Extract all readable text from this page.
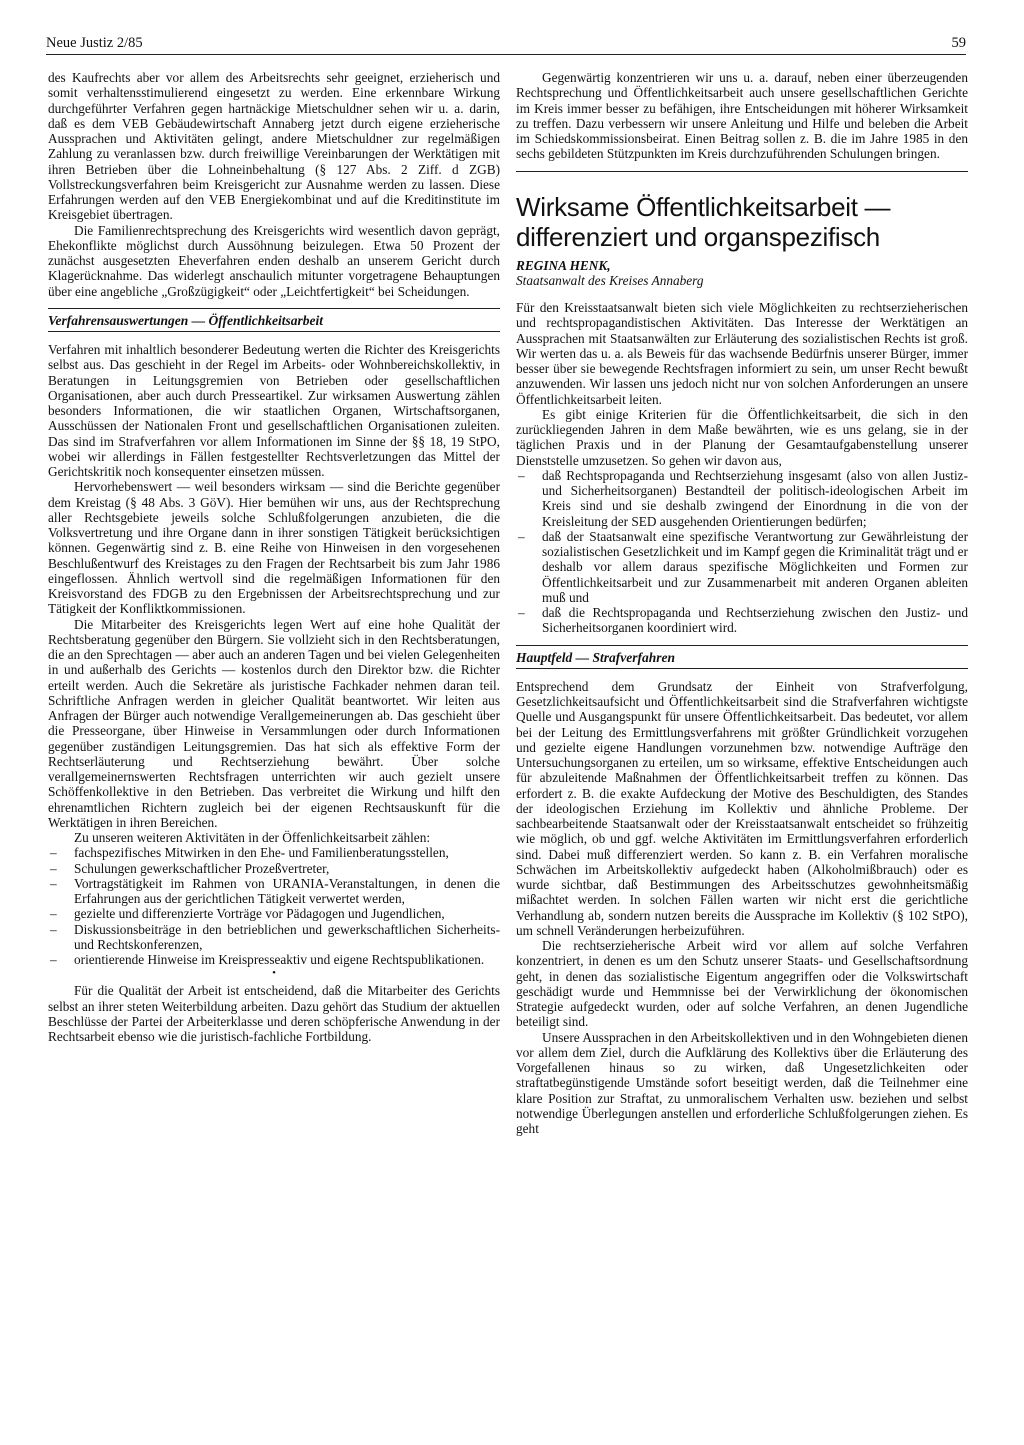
Neue Justiz 2/85	59

des Kaufrechts aber vor allem des Arbeitsrechts sehr geeignet, erzieherisch und somit verhaltensstimulierend eingesetzt zu werden. Eine erkennbare Wirkung durchgeführter Verfahren gegen hartnäckige Mietschuldner sehen wir u. a. darin, daß es dem VEB Gebäudewirtschaft Annaberg jetzt durch eigene erzieherische Aussprachen und Aktivitäten gelingt, andere Mietschuldner zur regelmäßigen Zahlung zu veranlassen bzw. durch freiwillige Vereinbarungen der Werktätigen mit ihren Betrieben über die Lohneinbehaltung (§ 127 Abs. 2 Ziff. d ZGB) Vollstreckungsverfahren beim Kreisgericht zur Ausnahme werden zu lassen. Diese Erfahrungen werden auf den VEB Energiekombinat und auf die Kreditinstitute im Kreisgebiet übertragen.

Die Familienrechtsprechung des Kreisgerichts wird wesentlich davon geprägt, Ehekonflikte möglichst durch Aussöhnung beizulegen. Etwa 50 Prozent der zunächst ausgesetzten Eheverfahren enden deshalb an unserem Gericht durch Klagerücknahme. Das widerlegt anschaulich mitunter vorgetragene Behauptungen über eine angebliche „Großzügigkeit“ oder „Leichtfertigkeit“ bei Scheidungen.

Verfahrensauswertungen — Öffentlichkeitsarbeit

Verfahren mit inhaltlich besonderer Bedeutung werten die Richter des Kreisgerichts selbst aus. Das geschieht in der Regel im Arbeits- oder Wohnbereichskollektiv, in Beratungen in Leitungsgremien von Betrieben oder gesellschaftlichen Organisationen, aber auch durch Presseartikel. Zur wirksamen Auswertung zählen besonders Informationen, die wir staatlichen Organen, Wirtschaftsorganen, Ausschüssen der Nationalen Front und gesellschaftlichen Organisationen zuleiten. Das sind im Strafverfahren vor allem Informationen im Sinne der §§ 18, 19 StPO, wobei wir allerdings in Fällen festgestellter Rechtsverletzungen das Mittel der Gerichtskritik noch konsequenter einsetzen müssen.

Hervorhebenswert — weil besonders wirksam — sind die Berichte gegenüber dem Kreistag (§ 48 Abs. 3 GöV). Hier bemühen wir uns, aus der Rechtsprechung aller Rechtsgebiete jeweils solche Schlußfolgerungen anzubieten, die die Volksvertretung und ihre Organe dann in ihrer sonstigen Tätigkeit berücksichtigen können. Gegenwärtig sind z. B. eine Reihe von Hinweisen in den vorgesehenen Beschlußentwurf des Kreistages zu den Fragen der Rechtsarbeit bis zum Jahr 1986 eingeflossen. Ähnlich wertvoll sind die regelmäßigen Informationen für den Kreisvorstand des FDGB zu den Ergebnissen der Arbeitsrechtsprechung und zur Tätigkeit der Konfliktkommissionen.

Die Mitarbeiter des Kreisgerichts legen Wert auf eine hohe Qualität der Rechtsberatung gegenüber den Bürgern. Sie vollzieht sich in den Rechtsberatungen, die an den Sprechtagen — aber auch an anderen Tagen und bei vielen Gelegenheiten in und außerhalb des Gerichts — kostenlos durch den Direktor bzw. die Richter erteilt werden. Auch die Sekretäre als juristische Fachkader nehmen daran teil. Schriftliche Anfragen werden in gleicher Qualität beantwortet. Wir leiten aus Anfragen der Bürger auch notwendige Verallgemeinerungen ab. Das geschieht über die Presseorgane, über Hinweise in Versammlungen oder durch Informationen gegenüber zuständigen Leitungsgremien. Das hat sich als effektive Form der Rechtserläuterung und Rechtserziehung bewährt. Über solche verallgemeinernswerten Rechtsfragen unterrichten wir auch gezielt unsere Schöffenkollektive in den Betrieben. Das verbreitet die Wirkung und hilft den ehrenamtlichen Richtern zugleich bei der eigenen Rechtsauskunft für die Werktätigen in ihren Bereichen.

Zu unseren weiteren Aktivitäten in der Öffenlichkeitsarbeit zählen:

– fachspezifisches Mitwirken in den Ehe- und Familienberatungsstellen,
– Schulungen gewerkschaftlicher Prozeßvertreter,
– Vortragstätigkeit im Rahmen von URANIA-Veranstaltungen, in denen die Erfahrungen aus der gerichtlichen Tätigkeit verwertet werden,
– gezielte und differenzierte Vorträge vor Pädagogen und Jugendlichen,
– Diskussionsbeiträge in den betrieblichen und gewerkschaftlichen Sicherheits- und Rechtskonferenzen,
– orientierende Hinweise im Kreispresseaktiv und eigene Rechtspublikationen.
•

Für die Qualität der Arbeit ist entscheidend, daß die Mitarbeiter des Gerichts selbst an ihrer steten Weiterbildung arbeiten. Dazu gehört das Studium der aktuellen Beschlüsse der Partei der Arbeiterklasse und deren schöpferische Anwendung in der Rechtsarbeit ebenso wie die juristisch-fachliche Fortbildung.

Gegenwärtig konzentrieren wir uns u. a. darauf, neben einer überzeugenden Rechtsprechung und Öffentlichkeitsarbeit auch unsere gesellschaftlichen Gerichte im Kreis immer besser zu befähigen, ihre Entscheidungen mit höherer Wirksamkeit zu treffen. Dazu verbessern wir unsere Anleitung und Hilfe und beleben die Arbeit im Schiedskommissionsbeirat. Einen Beitrag sollen z. B. die im Jahre 1985 in den sechs gebildeten Stützpunkten im Kreis durchzuführenden Schulungen bringen.

Wirksame Öffentlichkeitsarbeit — differenziert und organspezifisch

REGINA HENK,

Staatsanwalt des Kreises Annaberg

Für den Kreisstaatsanwalt bieten sich viele Möglichkeiten zu rechtserzieherischen und rechtspropagandistischen Aktivitäten. Das Interesse der Werktätigen an Aussprachen mit Staatsanwälten zur Erläuterung des sozialistischen Rechts ist groß. Wir werten das u. a. als Beweis für das wachsende Bedürfnis unserer Bürger, immer besser über sie bewegende Rechtsfragen informiert zu sein, um unser Recht bewußt anzuwenden. Wir lassen uns jedoch nicht nur von solchen Anforderungen an unsere Öffentlichkeitsarbeit leiten.

Es gibt einige Kriterien für die Öffentlichkeitsarbeit, die sich in den zurückliegenden Jahren in dem Maße bewährten, wie es uns gelang, sie in der täglichen Praxis und in der Planung der Gesamtaufgabenstellung unserer Dienststelle umzusetzen. So gehen wir davon aus,

– daß Rechtspropaganda und Rechtserziehung insgesamt (also von allen Justiz- und Sicherheitsorganen) Bestandteil der politisch-ideologischen Arbeit im Kreis sind und sie deshalb zwingend der Einordnung in die von der Kreisleitung der SED ausgehenden Orientierungen bedürfen;
– daß der Staatsanwalt eine spezifische Verantwortung zur Gewährleistung der sozialistischen Gesetzlichkeit und im Kampf gegen die Kriminalität trägt und er deshalb vor allem daraus spezifische Möglichkeiten und Formen zur Öffentlichkeitsarbeit und zur Zusammenarbeit mit anderen Organen ableiten muß und
– daß die Rechtspropaganda und Rechtserziehung zwischen den Justiz- und Sicherheitsorganen koordiniert wird.
Hauptfeld — Strafverfahren

Entsprechend dem Grundsatz der Einheit von Strafverfolgung, Gesetzlichkeitsaufsicht und Öffentlichkeitsarbeit sind die Strafverfahren wichtigste Quelle und Ausgangspunkt für unsere Öffentlichkeitsarbeit. Das bedeutet, vor allem bei der Leitung des Ermittlungsverfahrens mit größter Gründlichkeit vorzugehen und gezielte eigene Handlungen vorzunehmen bzw. notwendige Aufträge den Untersuchungsorganen zu erteilen, um so wirksame, effektive Entscheidungen auch für abzuleitende Maßnahmen der Öffentlichkeitsarbeit treffen zu können. Das erfordert z. B. die exakte Aufdeckung der Motive des Beschuldigten, des Standes der ideologischen Erziehung im Kollektiv und ähnliche Probleme. Der sachbearbeitende Staatsanwalt oder der Kreisstaatsanwalt entscheidet so frühzeitig wie möglich, ob und ggf. welche Aktivitäten im Ermittlungsverfahren erforderlich sind. Dabei muß differenziert werden. So kann z. B. ein Verfahren moralische Schwächen im Arbeitskollektiv aufgedeckt haben (Alkoholmißbrauch) oder es wurde sichtbar, daß Bestimmungen des Arbeitsschutzes gewohnheitsmäßig mißachtet werden. In solchen Fällen warten wir nicht erst die gerichtliche Verhandlung ab, sondern nutzen bereits die Aussprache im Kollektiv (§ 102 StPO), um schnell Veränderungen herbeizuführen.

Die rechtserzieherische Arbeit wird vor allem auf solche Verfahren konzentriert, in denen es um den Schutz unserer Staats- und Gesellschaftsordnung geht, in denen das sozialistische Eigentum angegriffen oder die Volkswirtschaft geschädigt wurde und Hemmnisse bei der Verwirklichung der ökonomischen Strategie aufgedeckt wurden, oder auf solche Verfahren, an denen Jugendliche beteiligt sind.

Unsere Aussprachen in den Arbeitskollektiven und in den Wohngebieten dienen vor allem dem Ziel, durch die Aufklärung des Kollektivs über die Erläuterung des Vorgefallenen hinaus so zu wirken, daß Ungesetzlichkeiten oder straftatbegünstigende Umstände sofort beseitigt werden, daß die Teilnehmer eine klare Position zur Straftat, zu unmoralischem Verhalten usw. beziehen und selbst notwendige Überlegungen anstellen und erforderliche Schlußfolgerungen ziehen. Es geht
